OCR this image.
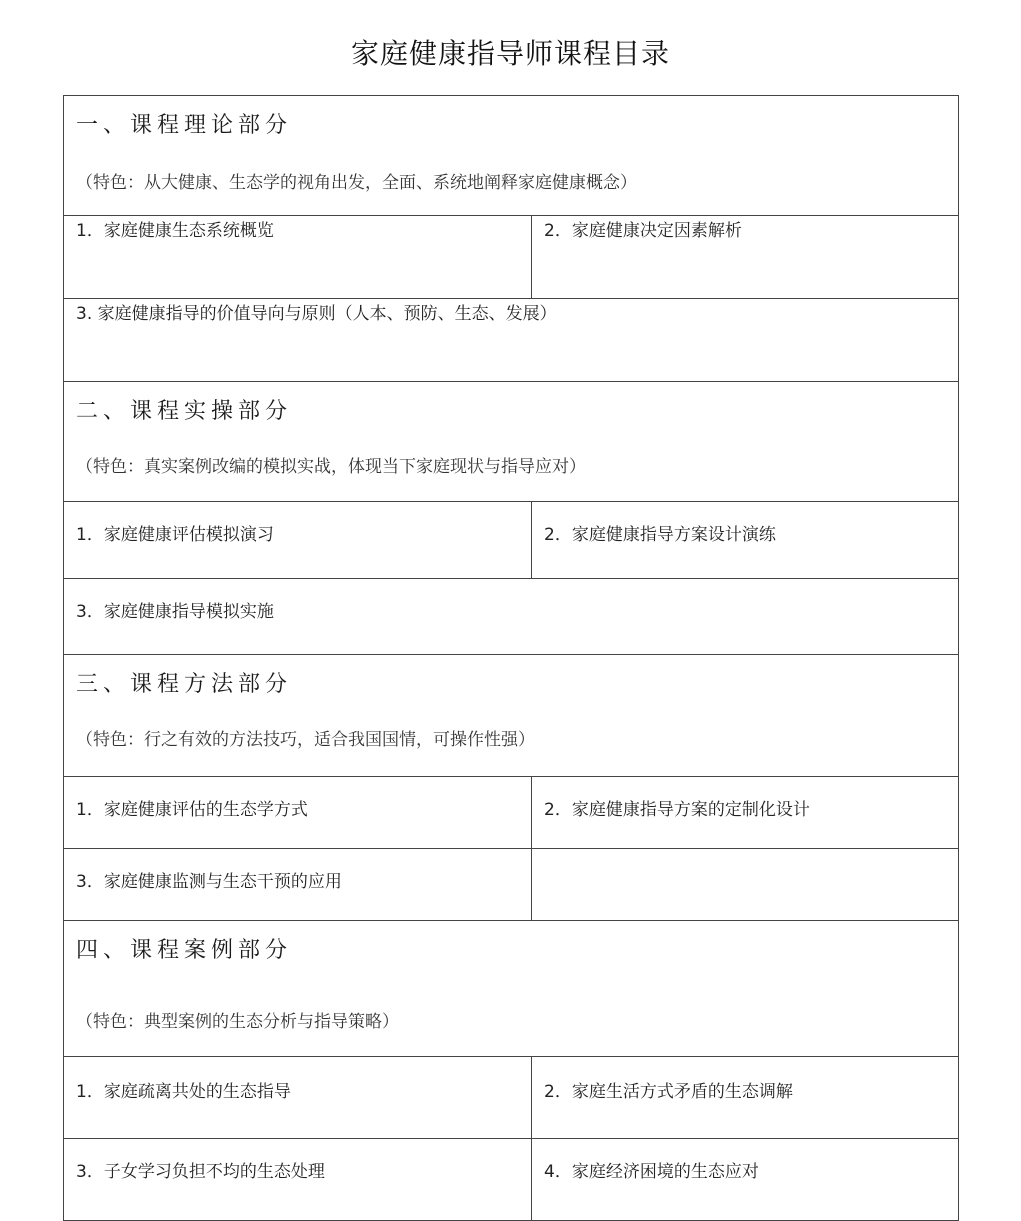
家庭健康指导师课程目录
一、课程理论部分
（特色：从大健康、生态学的视角出发，全面、系统地阐释家庭健康概念）	

1．家庭健康生态系统概览	2．家庭健康决定因素解析
3. 家庭健康指导的价值导向与原则（人本、预防、生态、发展）	

二、课程实操部分
（特色：真实案例改编的模拟实战，体现当下家庭现状与指导应对）	

1．家庭健康评估模拟演习	2．家庭健康指导方案设计演练
3．家庭健康指导模拟实施	

三、课程方法部分
（特色：行之有效的方法技巧，适合我国国情，可操作性强）	

1．家庭健康评估的生态学方式	2．家庭健康指导方案的定制化设计
3．家庭健康监测与生态干预的应用	

四、课程案例部分
（特色：典型案例的生态分析与指导策略）	

1．家庭疏离共处的生态指导	2．家庭生活方式矛盾的生态调解
3．子女学习负担不均的生态处理	4．家庭经济困境的生态应对
